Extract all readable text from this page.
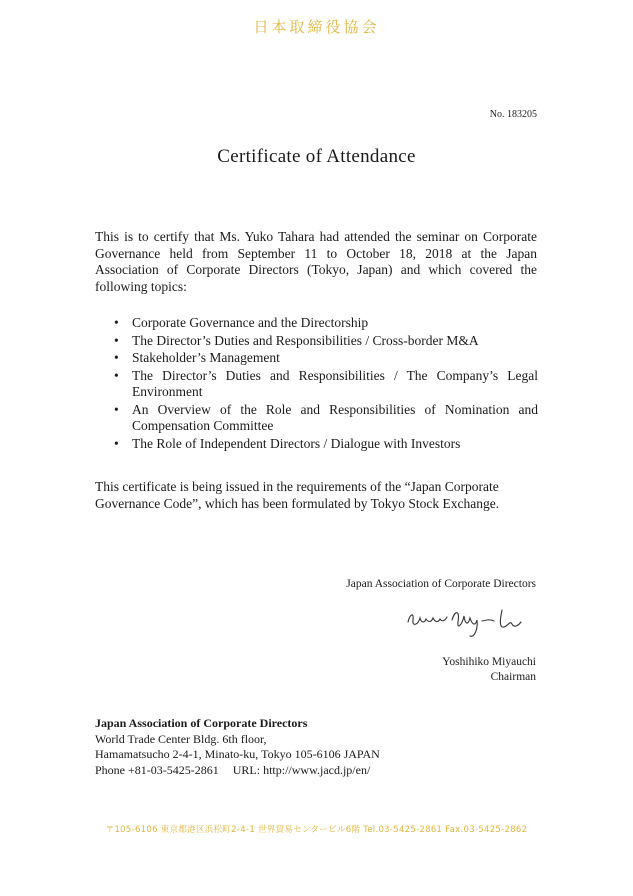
日本取締役協会
No. 183205
Certificate of Attendance
This is to certify that Ms. Yuko Tahara had attended the seminar on Corporate Governance held from September 11 to October 18, 2018 at the Japan Association of Corporate Directors (Tokyo, Japan) and which covered the following topics:
• Corporate Governance and the Directorship
• The Director’s Duties and Responsibilities / Cross-border M&A
• Stakeholder’s Management
• The Director’s Duties and Responsibilities / The Company’s Legal Environment
• An Overview of the Role and Responsibilities of Nomination and Compensation Committee
• The Role of Independent Directors / Dialogue with Investors
This certificate is being issued in the requirements of the “Japan Corporate Governance Code”, which has been formulated by Tokyo Stock Exchange.
Japan Association of Corporate Directors
Yoshihiko Miyauchi
Chairman
Japan Association of Corporate Directors
World Trade Center Bldg. 6th floor,
Hamamatsucho 2-4-1, Minato-ku, Tokyo 105-6106 JAPAN
Phone +81-03-5425-2861 URL: http://www.jacd.jp/en/
〒105-6106 東京都港区浜松町2-4-1 世界貿易センタービル6階 Tel.03-5425-2861 Fax.03-5425-2862
